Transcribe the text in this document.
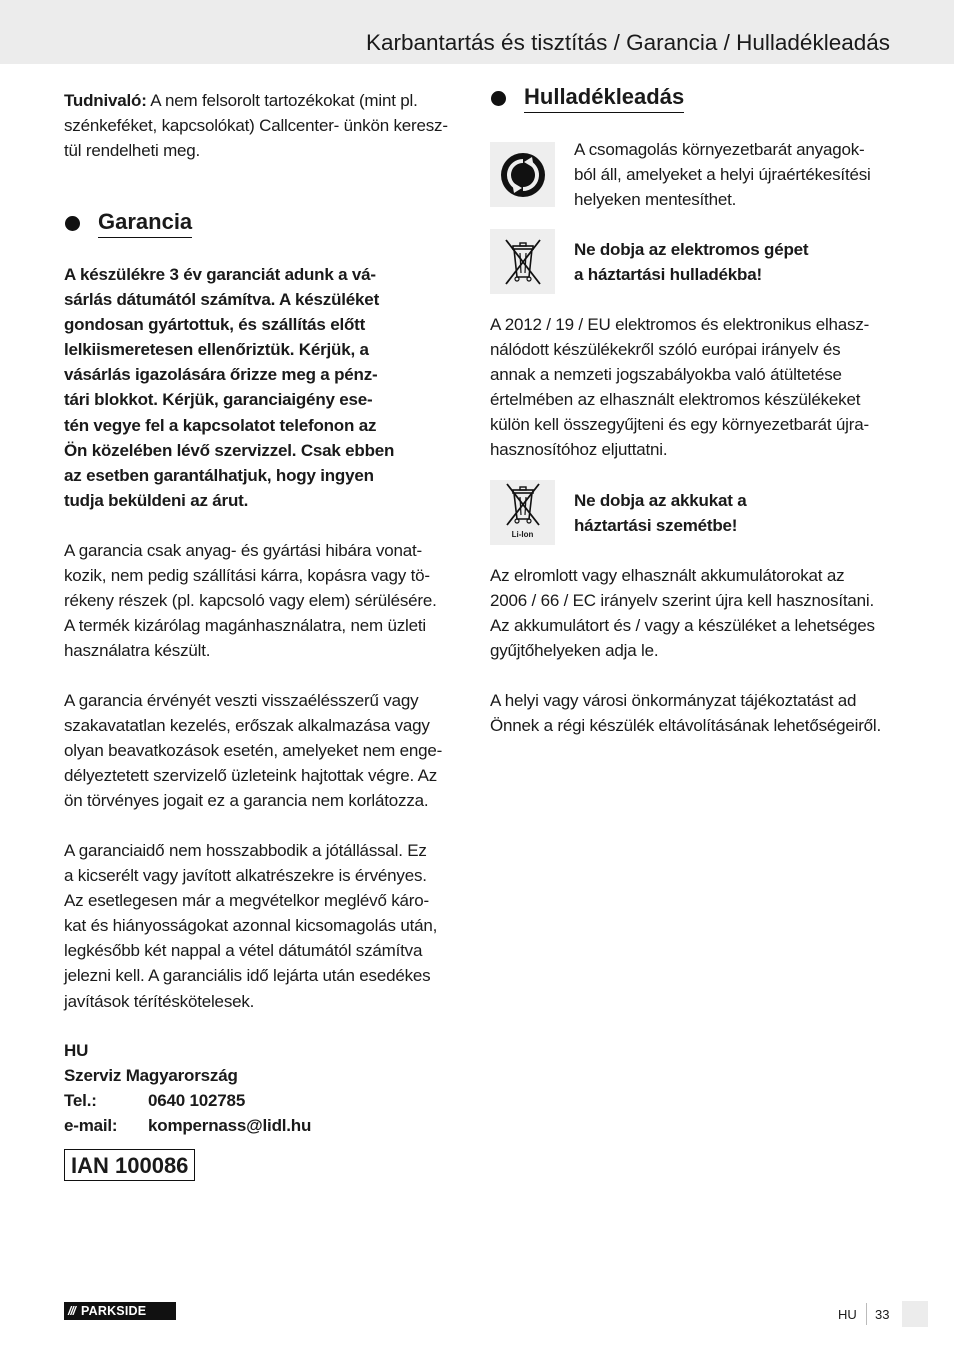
Karbantartás és tisztítás / Garancia / Hulladékleadás
Tudnivaló: A nem felsorolt tartozékokat (mint pl.
szénkeféket, kapcsolókat) Callcenter- ünkön keresz-
tül rendelheti meg.
Garancia
A készülékre 3 év garanciát adunk a vá-
sárlás dátumától számítva. A készüléket
gondosan gyártottuk, és szállítás előtt
lelkiismeretesen ellenőriztük. Kérjük, a
vásárlás igazolására őrizze meg a pénz-
tári blokkot. Kérjük, garanciaigény ese-
tén vegye fel a kapcsolatot telefonon az
Ön közelében lévő szervizzel. Csak ebben
az esetben garantálhatjuk, hogy ingyen
tudja beküldeni az árut.
A garancia csak anyag- és gyártási hibára vonat-
kozik, nem pedig szállítási kárra, kopásra vagy tö-
rékeny részek (pl. kapcsoló vagy elem) sérülésére.
A termék kizárólag magánhasználatra, nem üzleti
használatra készült.
A garancia érvényét veszti visszaélésszerű vagy
szakavatatlan kezelés, erőszak alkalmazása vagy
olyan beavatkozások esetén, amelyeket nem enge-
délyeztetett szervizelő üzleteink hajtottak végre. Az
ön törvényes jogait ez a garancia nem korlátozza.
A garanciaidő nem hosszabbodik a jótállással. Ez
a kicserélt vagy javított alkatrészekre is érvényes.
Az esetlegesen már a megvételkor meglévő káro-
kat és hiányosságokat azonnal kicsomagolás után,
legkésőbb két nappal a vétel dátumától számítva
jelezni kell. A garanciális idő lejárta után esedékes
javítások térítéskötelesek.
HU
Szerviz Magyarország
Tel.:	0640 102785
e-mail:	kompernass@lidl.hu
IAN 100086
Hulladékleadás
A csomagolás környezetbarát anyagok-
ból áll, amelyeket a helyi újraértékesítési
helyeken mentesíthet.
Ne dobja az elektromos gépet
a háztartási hulladékba!
A 2012 / 19 / EU elektromos és elektronikus elhasz-
nálódott készülékekről szóló európai irányelv és
annak a nemzeti jogszabályokba való átültetése
értelmében az elhasznált elektromos készülékeket
külön kell összegyűjteni és egy környezetbarát újra-
hasznosítóhoz eljuttatni.
Li-Ion
Ne dobja az akkukat a
háztartási szemétbe!
Az elromlott vagy elhasznált akkumulátorokat az
2006 / 66 / EC irányelv szerint újra kell hasznosítani.
Az akkumulátort és / vagy a készüléket a lehetséges
gyűjtőhelyeken adja le.
A helyi vagy városi önkormányzat tájékoztatást ad
Önnek a régi készülék eltávolításának lehetőségeiről.
/// PARKSIDE	HU 33
